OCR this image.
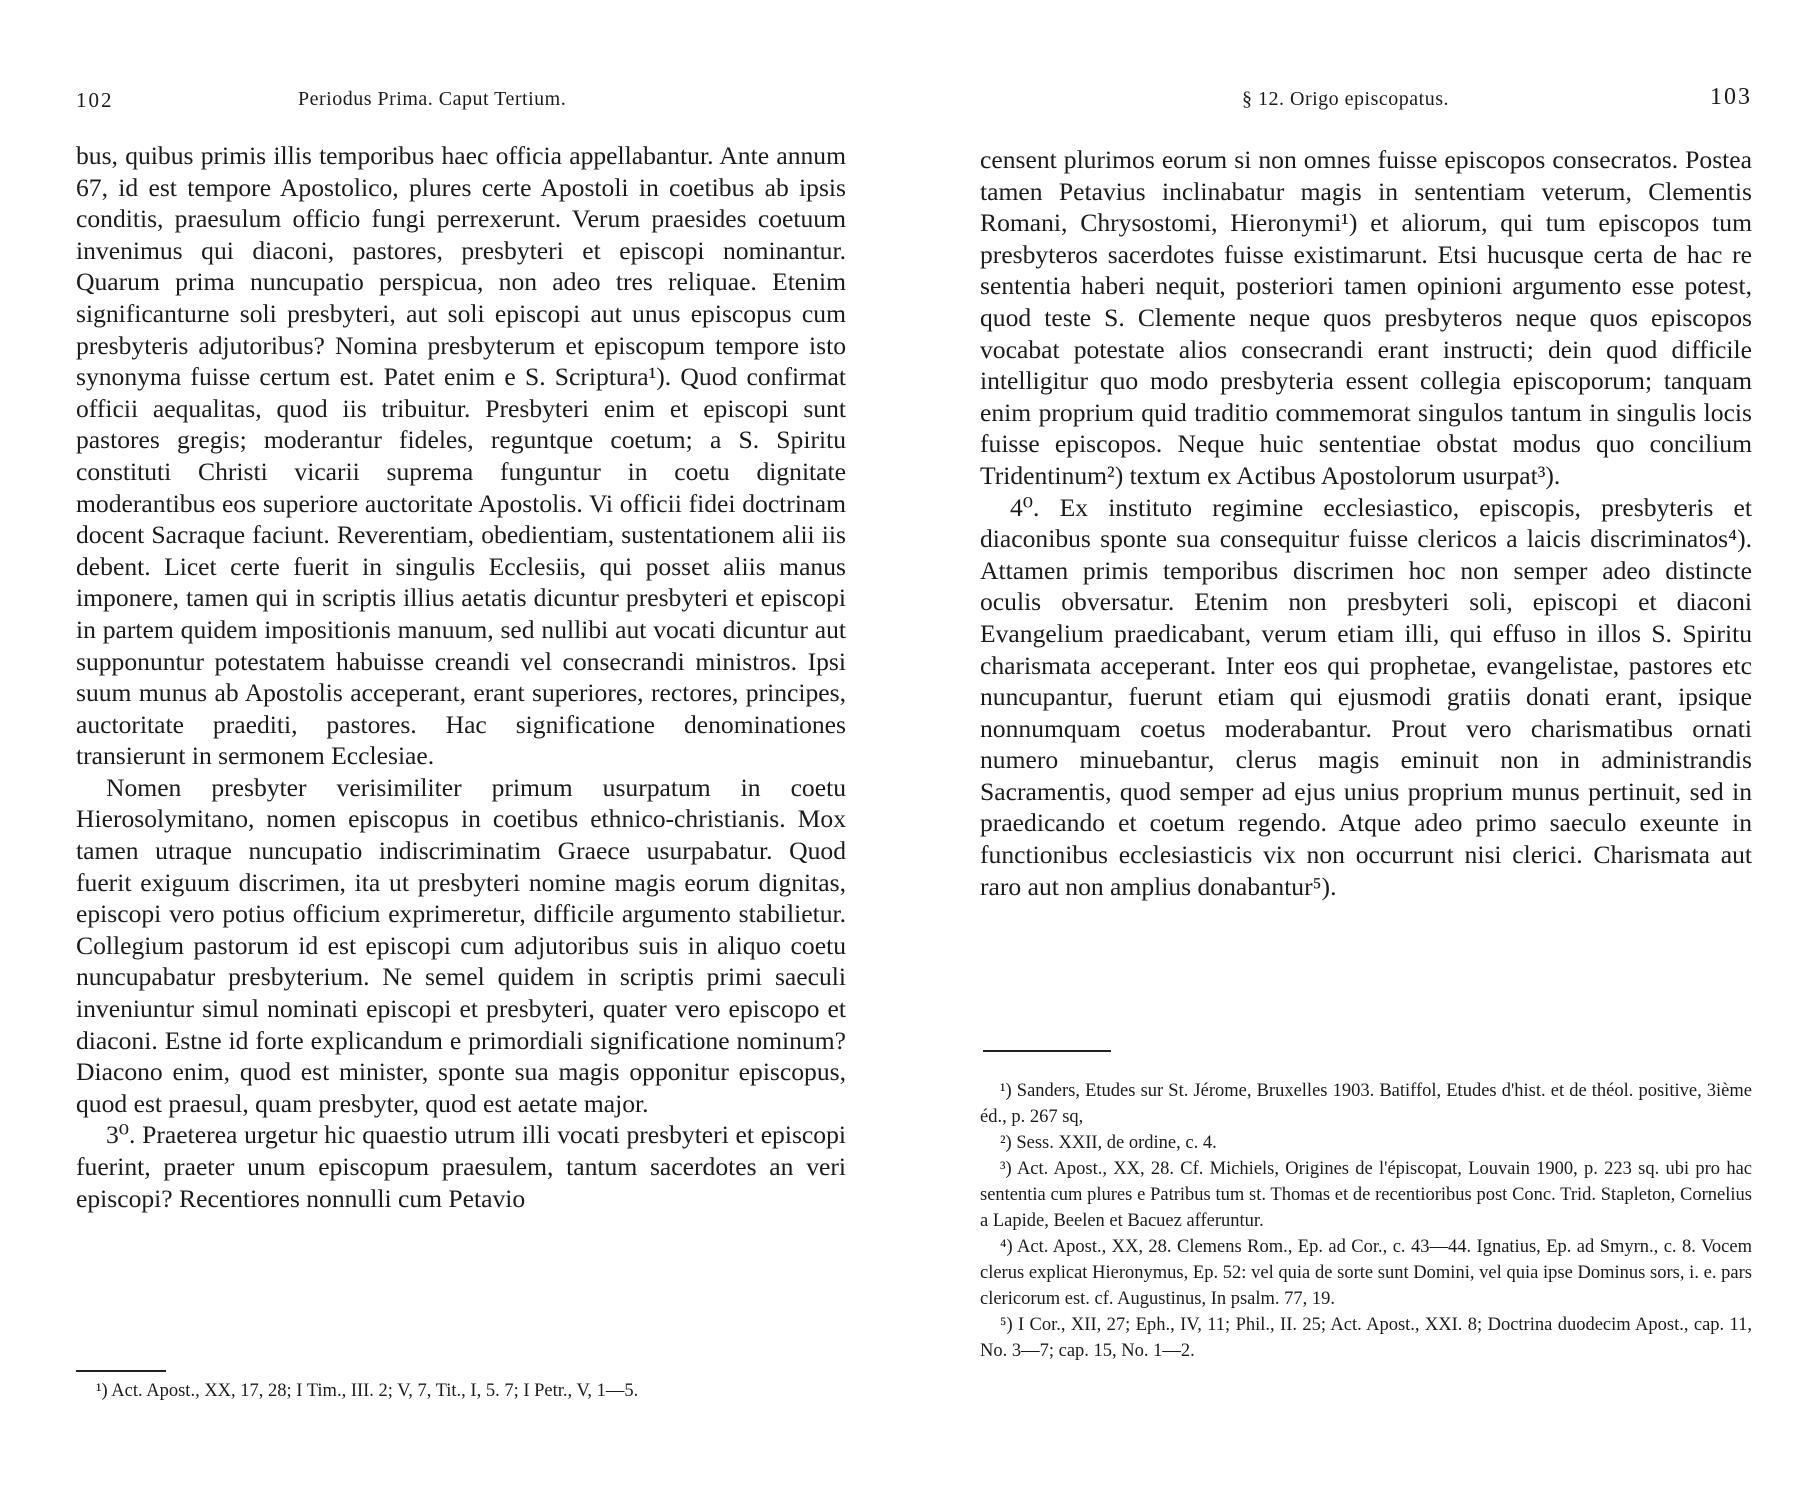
102	Periodus Prima. Caput Tertium.

bus, quibus primis illis temporibus haec officia appellabantur. Ante annum 67, id est tempore Apostolico, plures certe Apostoli in coetibus ab ipsis conditis, praesulum officio fungi perrexerunt. Verum praesides coetuum invenimus qui diaconi, pastores, presbyteri et episcopi nominantur. Quarum prima nuncupatio perspicua, non adeo tres reliquae. Etenim significanturne soli presbyteri, aut soli episcopi aut unus episcopus cum presbyteris adjutoribus? Nomina presbyterum et episcopum tempore isto synonyma fuisse certum est. Patet enim e S. Scriptura¹). Quod confirmat officii aequalitas, quod iis tribuitur. Presbyteri enim et episcopi sunt pastores gregis; moderantur fideles, reguntque coetum; a S. Spiritu constituti Christi vicarii suprema funguntur in coetu dignitate moderantibus eos superiore auctoritate Apostolis. Vi officii fidei doctrinam docent Sacraque faciunt. Reverentiam, obedientiam, sustentationem alii iis debent. Licet certe fuerit in singulis Ecclesiis, qui posset aliis manus imponere, tamen qui in scriptis illius aetatis dicuntur presbyteri et episcopi in partem quidem impositionis manuum, sed nullibi aut vocati dicuntur aut supponuntur potestatem habuisse creandi vel consecrandi ministros. Ipsi suum munus ab Apostolis acceperant, erant superiores, rectores, principes, auctoritate praediti, pastores. Hac significatione denominationes transierunt in sermonem Ecclesiae.

Nomen presbyter verisimiliter primum usurpatum in coetu Hierosolymitano, nomen episcopus in coetibus ethnico-christianis. Mox tamen utraque nuncupatio indiscriminatim Graece usurpabatur. Quod fuerit exiguum discrimen, ita ut presbyteri nomine magis eorum dignitas, episcopi vero potius officium exprimeretur, difficile argumento stabilietur. Collegium pastorum id est episcopi cum adjutoribus suis in aliquo coetu nuncupabatur presbyterium. Ne semel quidem in scriptis primi saeculi inveniuntur simul nominati episcopi et presbyteri, quater vero episcopo et diaconi. Estne id forte explicandum e primordiali significatione nominum? Diacono enim, quod est minister, sponte sua magis opponitur episcopus, quod est praesul, quam presbyter, quod est aetate major.

3⁰. Praeterea urgetur hic quaestio utrum illi vocati presbyteri et episcopi fuerint, praeter unum episcopum praesulem, tantum sacerdotes an veri episcopi? Recentiores nonnulli cum Petavio

¹) Act. Apost., XX, 17, 28; I Tim., III. 2; V, 7, Tit., I, 5. 7; I Petr., V, 1—5.

§ 12. Origo episcopatus.	103

censent plurimos eorum si non omnes fuisse episcopos consecratos. Postea tamen Petavius inclinabatur magis in sententiam veterum, Clementis Romani, Chrysostomi, Hieronymi¹) et aliorum, qui tum episcopos tum presbyteros sacerdotes fuisse existimarunt. Etsi hucusque certa de hac re sententia haberi nequit, posteriori tamen opinioni argumento esse potest, quod teste S. Clemente neque quos presbyteros neque quos episcopos vocabat potestate alios consecrandi erant instructi; dein quod difficile intelligitur quo modo presbyteria essent collegia episcoporum; tanquam enim proprium quid traditio commemorat singulos tantum in singulis locis fuisse episcopos. Neque huic sententiae obstat modus quo concilium Tridentinum²) textum ex Actibus Apostolorum usurpat³).

4⁰. Ex instituto regimine ecclesiastico, episcopis, presbyteris et diaconibus sponte sua consequitur fuisse clericos a laicis discriminatos⁴). Attamen primis temporibus discrimen hoc non semper adeo distincte oculis obversatur. Etenim non presbyteri soli, episcopi et diaconi Evangelium praedicabant, verum etiam illi, qui effuso in illos S. Spiritu charismata acceperant. Inter eos qui prophetae, evangelistae, pastores etc nuncupantur, fuerunt etiam qui ejusmodi gratiis donati erant, ipsique nonnumquam coetus moderabantur. Prout vero charismatibus ornati numero minuebantur, clerus magis eminuit non in administrandis Sacramentis, quod semper ad ejus unius proprium munus pertinuit, sed in praedicando et coetum regendo. Atque adeo primo saeculo exeunte in functionibus ecclesiasticis vix non occurrunt nisi clerici. Charismata aut raro aut non amplius donabantur⁵).

¹) Sanders, Etudes sur St. Jérome, Bruxelles 1903. Batiffol, Etudes d'hist. et de théol. positive, 3ième éd., p. 267 sq,

²) Sess. XXII, de ordine, c. 4.

³) Act. Apost., XX, 28. Cf. Michiels, Origines de l'épiscopat, Louvain 1900, p. 223 sq. ubi pro hac sententia cum plures e Patribus tum st. Thomas et de recentioribus post Conc. Trid. Stapleton, Cornelius a Lapide, Beelen et Bacuez afferuntur.

⁴) Act. Apost., XX, 28. Clemens Rom., Ep. ad Cor., c. 43—44. Ignatius, Ep. ad Smyrn., c. 8. Vocem clerus explicat Hieronymus, Ep. 52: vel quia de sorte sunt Domini, vel quia ipse Dominus sors, i. e. pars clericorum est. cf. Augustinus, In psalm. 77, 19.

⁵) I Cor., XII, 27; Eph., IV, 11; Phil., II. 25; Act. Apost., XXI. 8; Doctrina duodecim Apost., cap. 11, No. 3—7; cap. 15, No. 1—2.
